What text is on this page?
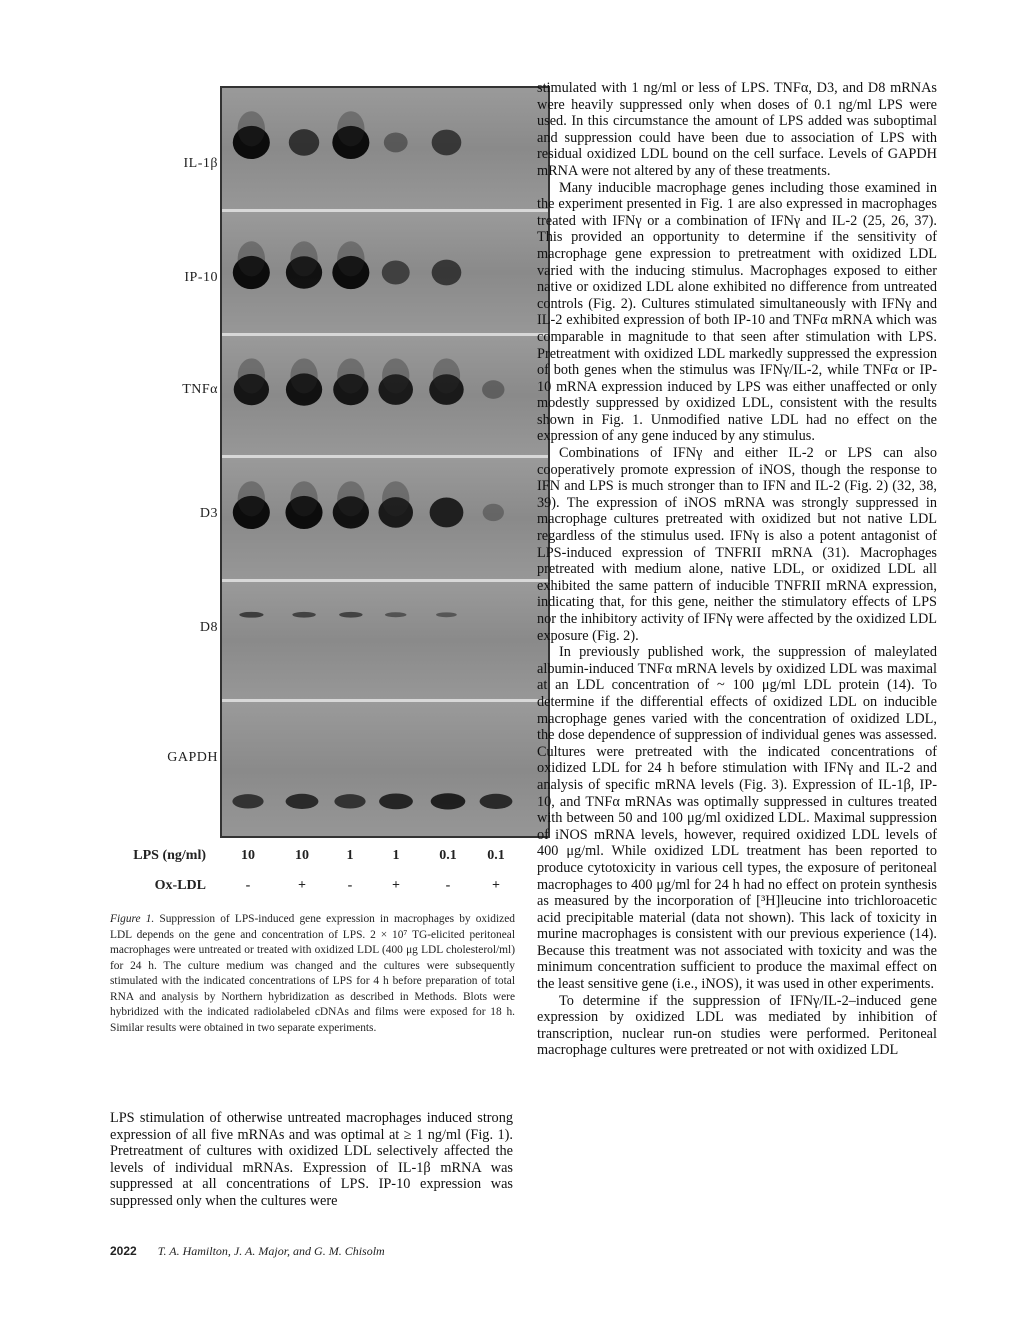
IL-1β
IP-10
TNFα
D3
D8
GAPDH
LPS (ng/ml)	10	10	1	1	0.1	0.1
Ox-LDL	-	+	-	+	-	+
Figure 1. Suppression of LPS-induced gene expression in macrophages by oxidized LDL depends on the gene and concentration of LPS. 2 × 10⁷ TG-elicited peritoneal macrophages were untreated or treated with oxidized LDL (400 μg LDL cholesterol/ml) for 24 h. The culture medium was changed and the cultures were subsequently stimulated with the indicated concentrations of LPS for 4 h before preparation of total RNA and analysis by Northern hybridization as described in Methods. Blots were hybridized with the indicated radiolabeled cDNAs and films were exposed for 18 h. Similar results were obtained in two separate experiments.

LPS stimulation of otherwise untreated macrophages induced strong expression of all five mRNAs and was optimal at ≥ 1 ng/ml (Fig. 1). Pretreatment of cultures with oxidized LDL selectively affected the levels of individual mRNAs. Expression of IL-1β mRNA was suppressed at all concentrations of LPS. IP-10 expression was suppressed only when the cultures were

stimulated with 1 ng/ml or less of LPS. TNFα, D3, and D8 mRNAs were heavily suppressed only when doses of 0.1 ng/ml LPS were used. In this circumstance the amount of LPS added was suboptimal and suppression could have been due to association of LPS with residual oxidized LDL bound on the cell surface. Levels of GAPDH mRNA were not altered by any of these treatments.

Many inducible macrophage genes including those examined in the experiment presented in Fig. 1 are also expressed in macrophages treated with IFNγ or a combination of IFNγ and IL-2 (25, 26, 37). This provided an opportunity to determine if the sensitivity of macrophage gene expression to pretreatment with oxidized LDL varied with the inducing stimulus. Macrophages exposed to either native or oxidized LDL alone exhibited no difference from untreated controls (Fig. 2). Cultures stimulated simultaneously with IFNγ and IL-2 exhibited expression of both IP-10 and TNFα mRNA which was comparable in magnitude to that seen after stimulation with LPS. Pretreatment with oxidized LDL markedly suppressed the expression of both genes when the stimulus was IFNγ/IL-2, while TNFα or IP-10 mRNA expression induced by LPS was either unaffected or only modestly suppressed by oxidized LDL, consistent with the results shown in Fig. 1. Unmodified native LDL had no effect on the expression of any gene induced by any stimulus.

Combinations of IFNγ and either IL-2 or LPS can also cooperatively promote expression of iNOS, though the response to IFN and LPS is much stronger than to IFN and IL-2 (Fig. 2) (32, 38, 39). The expression of iNOS mRNA was strongly suppressed in macrophage cultures pretreated with oxidized but not native LDL regardless of the stimulus used. IFNγ is also a potent antagonist of LPS-induced expression of TNFRII mRNA (31). Macrophages pretreated with medium alone, native LDL, or oxidized LDL all exhibited the same pattern of inducible TNFRII mRNA expression, indicating that, for this gene, neither the stimulatory effects of LPS nor the inhibitory activity of IFNγ were affected by the oxidized LDL exposure (Fig. 2).

In previously published work, the suppression of maleylated albumin-induced TNFα mRNA levels by oxidized LDL was maximal at an LDL concentration of ~ 100 μg/ml LDL protein (14). To determine if the differential effects of oxidized LDL on inducible macrophage genes varied with the concentration of oxidized LDL, the dose dependence of suppression of individual genes was assessed. Cultures were pretreated with the indicated concentrations of oxidized LDL for 24 h before stimulation with IFNγ and IL-2 and analysis of specific mRNA levels (Fig. 3). Expression of IL-1β, IP-10, and TNFα mRNAs was optimally suppressed in cultures treated with between 50 and 100 μg/ml oxidized LDL. Maximal suppression of iNOS mRNA levels, however, required oxidized LDL levels of 400 μg/ml. While oxidized LDL treatment has been reported to produce cytotoxicity in various cell types, the exposure of peritoneal macrophages to 400 μg/ml for 24 h had no effect on protein synthesis as measured by the incorporation of [³H]leucine into trichloroacetic acid precipitable material (data not shown). This lack of toxicity in murine macrophages is consistent with our previous experience (14). Because this treatment was not associated with toxicity and was the minimum concentration sufficient to produce the maximal effect on the least sensitive gene (i.e., iNOS), it was used in other experiments.

To determine if the suppression of IFNγ/IL-2–induced gene expression by oxidized LDL was mediated by inhibition of transcription, nuclear run-on studies were performed. Peritoneal macrophage cultures were pretreated or not with oxidized LDL

2022 T. A. Hamilton, J. A. Major, and G. M. Chisolm
